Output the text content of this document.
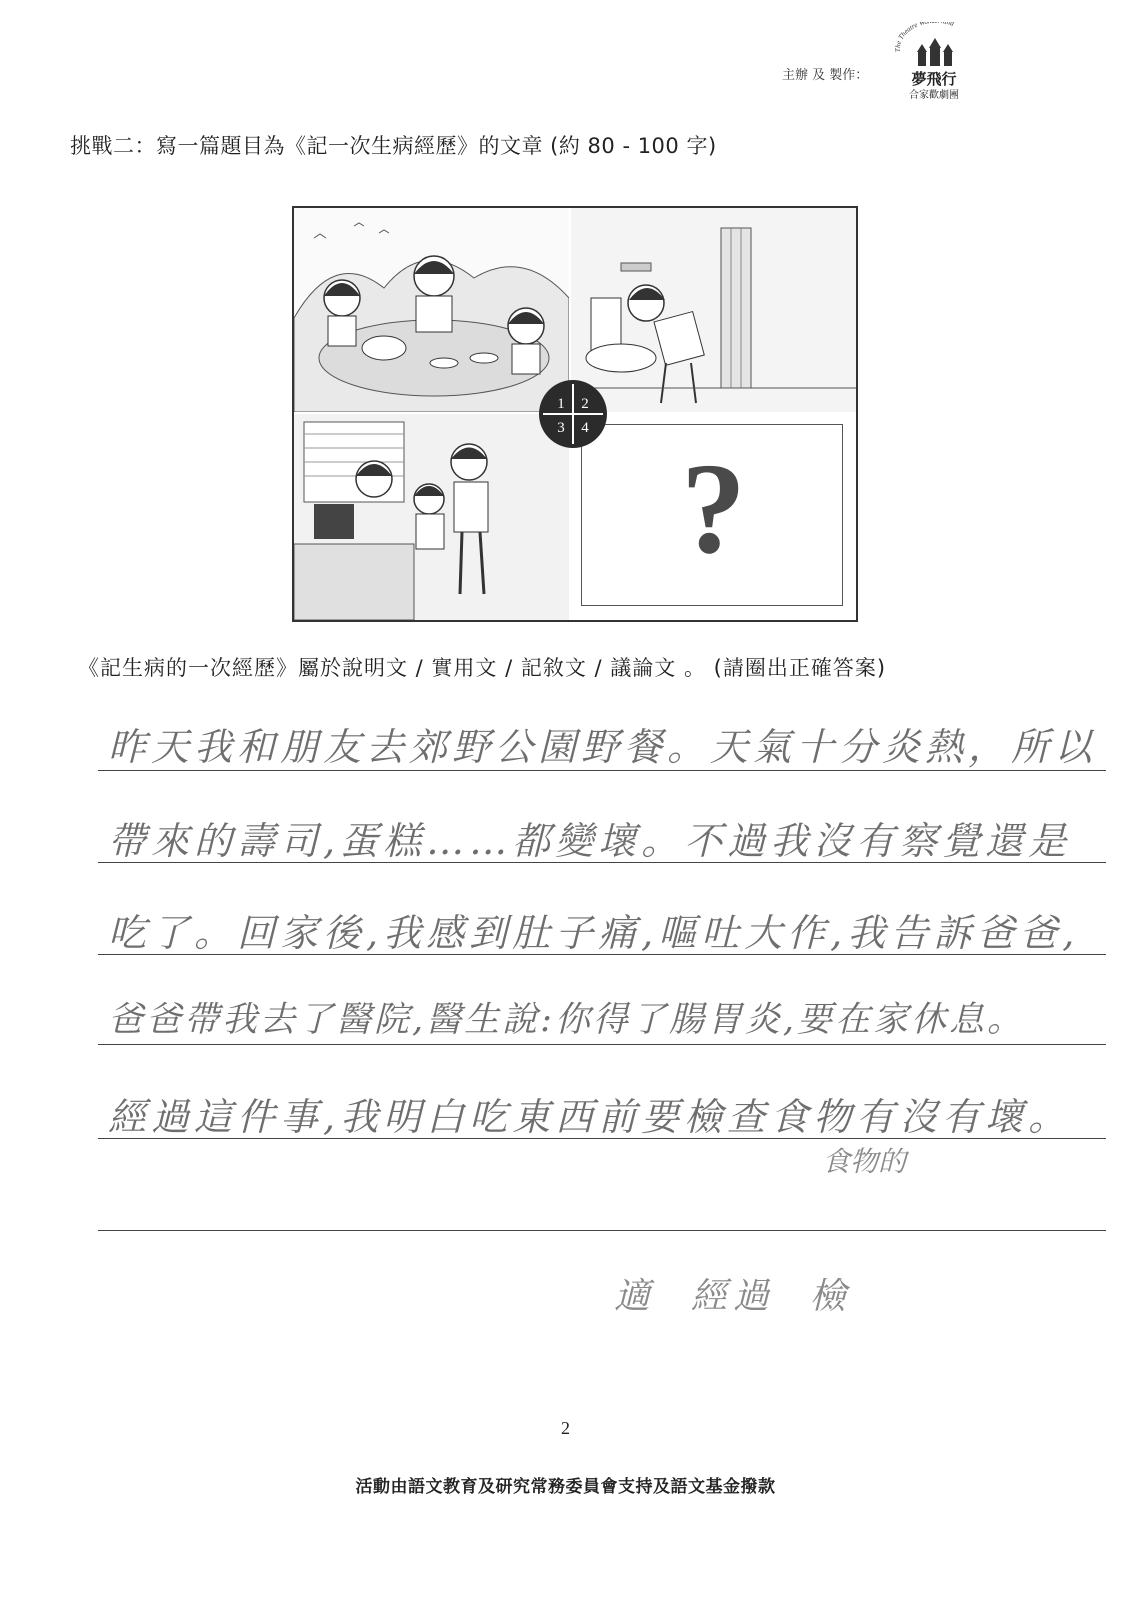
主辦 及 製作：
The Theatre W nd
夢飛行
合家歡劇團
挑戰二：寫一篇題目為《記一次生病經歷》的文章 (約 80 - 100 字)
?
1 2
3 4
《記生病的一次經歷》屬於說明文 / 實用文 / 記敘文 / 議論文 。 (請圈出正確答案)
昨天我和朋友去郊野公園野餐。天氣十分炎熱，所以
帶來的壽司,蛋糕……都變壞。不過我沒有察覺還是
吃了。回家後,我感到肚子痛,嘔吐大作,我告訴爸爸,
爸爸帶我去了醫院,醫生說:你得了腸胃炎,要在家休息。
經過這件事,我明白吃東西前要檢查食物有沒有壞。
食物的
適  經過  檢
2
活動由語文教育及研究常務委員會支持及語文基金撥款
